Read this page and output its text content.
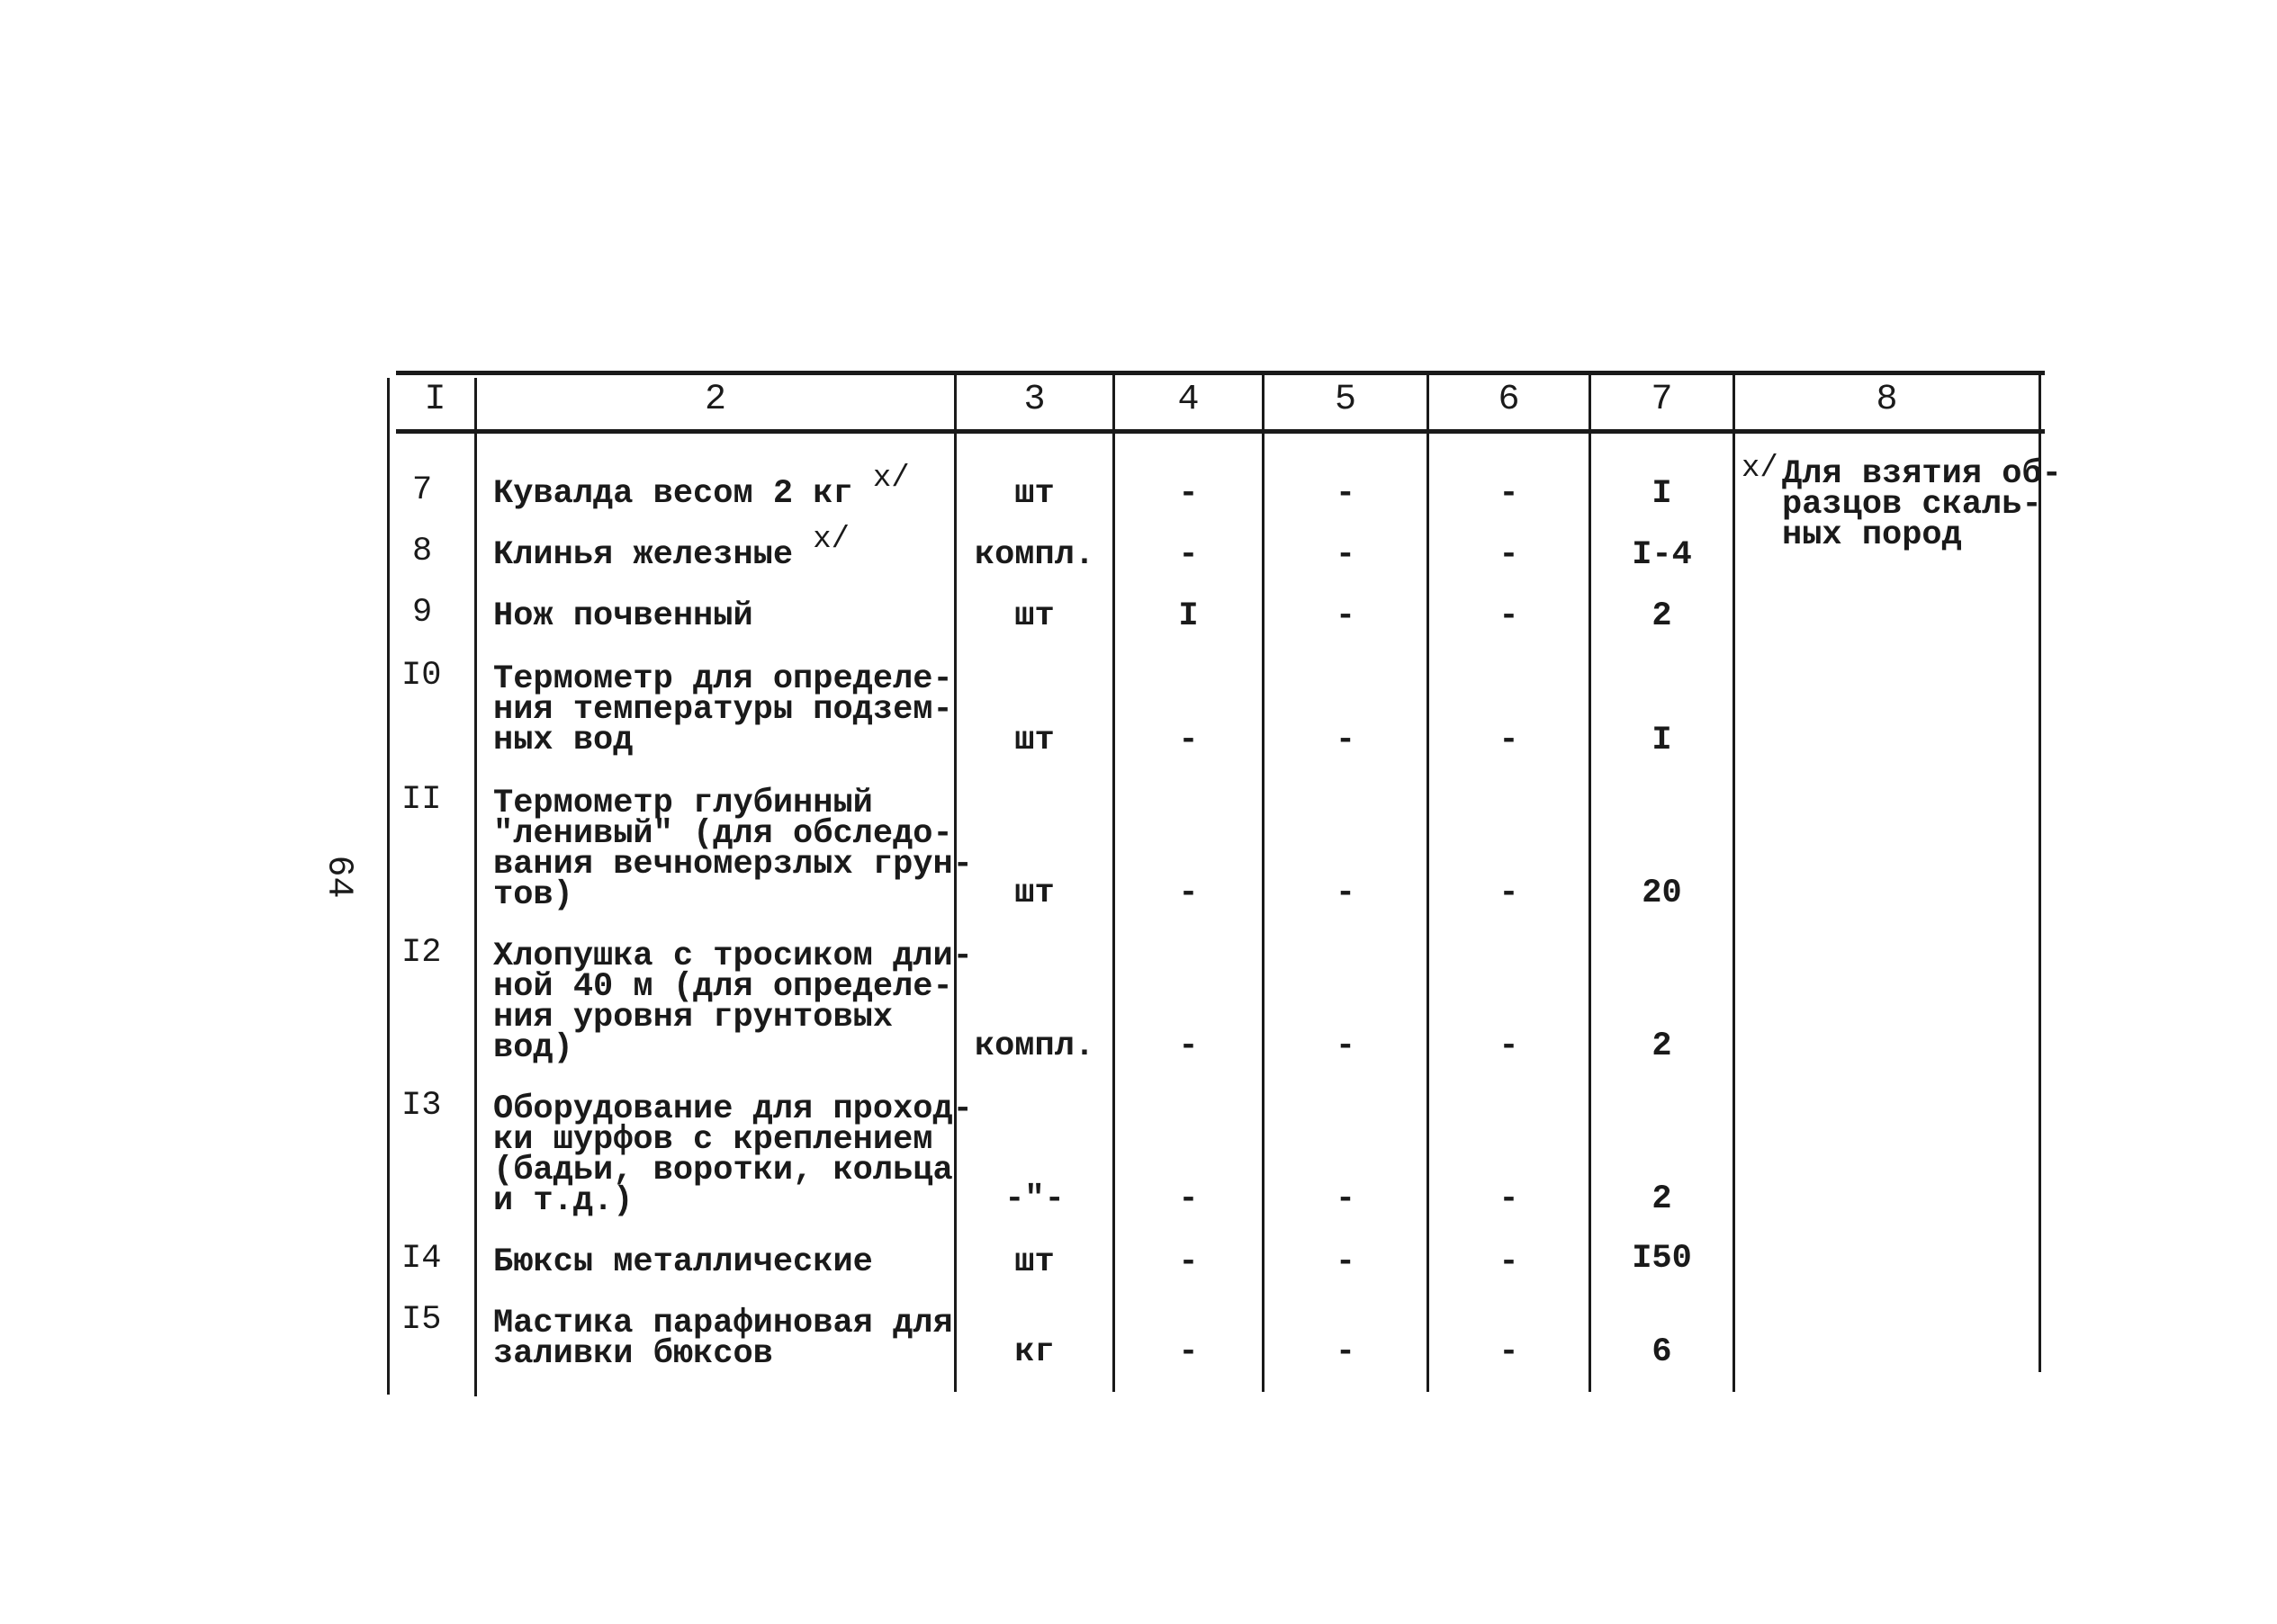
64
I	2	3	4	5	6	7	8
7 Кувалда весом 2 кг x/	шт	-	-	-	I
8 Клинья железные x/	компл.	-	-	-	I-4
9 Нож почвенный	шт	I	-	-	2
I0 Термометр для определе-
ния температуры подзем-
ных вод	шт	-	-	-	I
II Термометр глубинный
"ленивый" (для обследо-
вания вечномерзлых грун-
тов)	шт	-	-	-	20
I2 Хлопушка с тросиком дли-
ной 40 м (для определе-
ния уровня грунтовых
вод)	компл.	-	-	-	2
I3 Оборудование для проход-
ки шурфов с креплением
(бадьи, воротки, кольца
и т.д.)	-"-	-	-	-	2
I4 Бюксы металлические	шт	-	-	-	I50
I5 Мастика парафиновая для
заливки бюксов	кг	-	-	-	6
x/ Для взятия об-
разцов скаль-
ных пород
